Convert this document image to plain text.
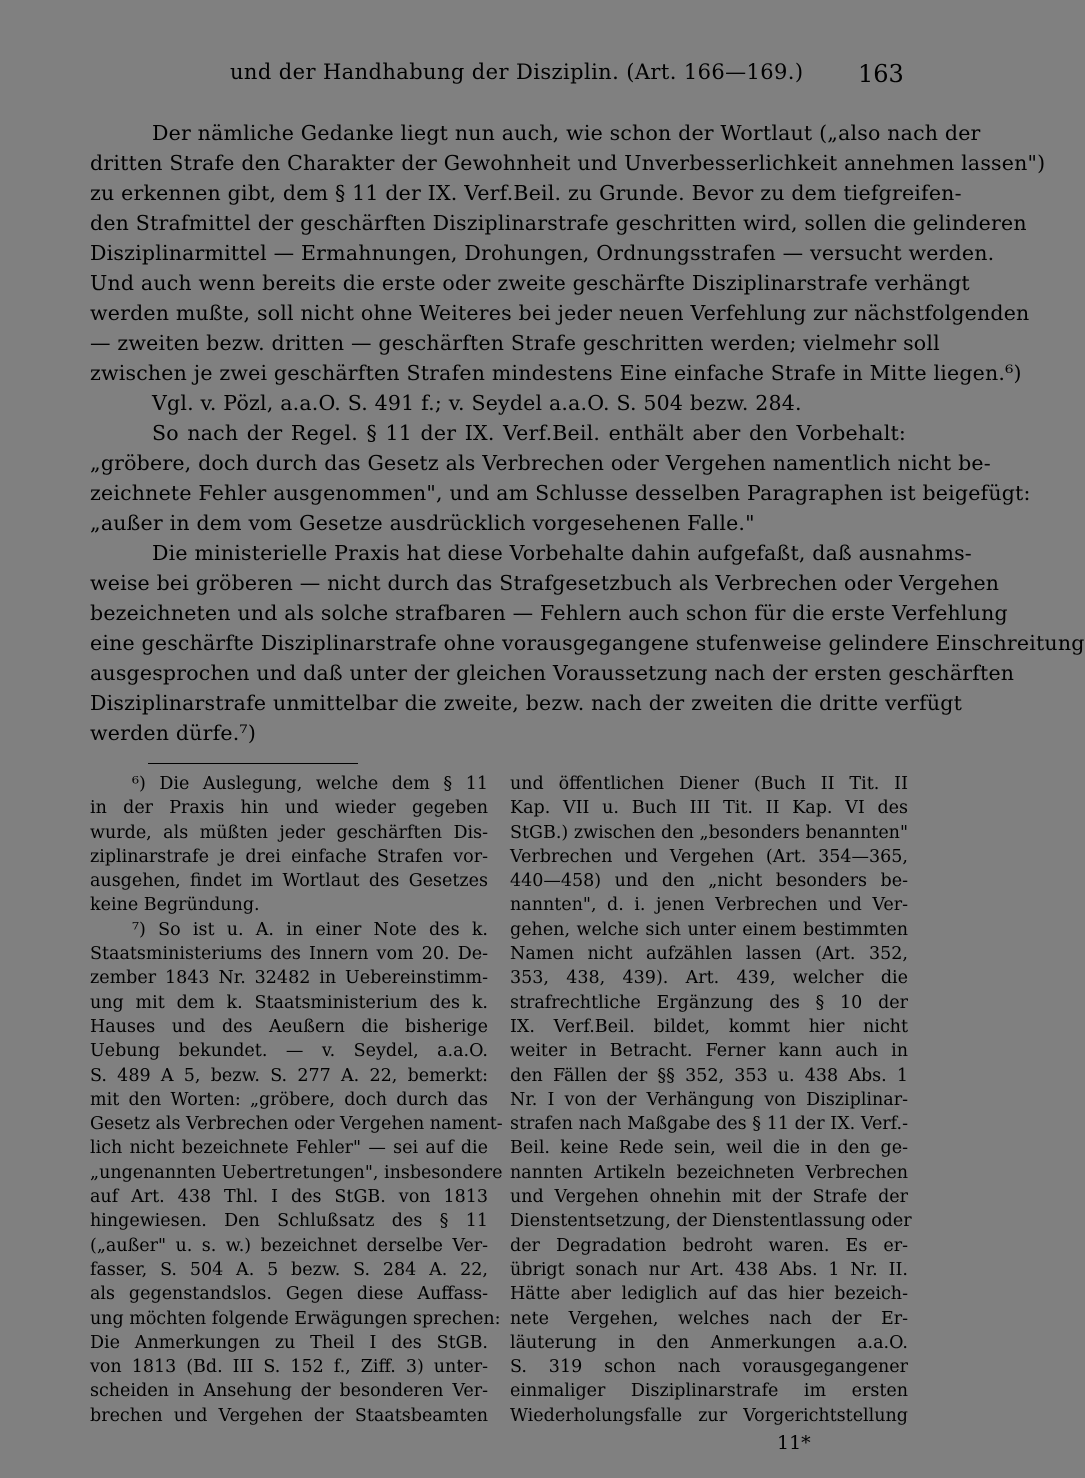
und der Handhabung der Disziplin. (Art. 166—169.) 163
Der nämliche Gedanke liegt nun auch, wie schon der Wortlaut („also nach der
dritten Strafe den Charakter der Gewohnheit und Unverbesserlichkeit annehmen lassen")
zu erkennen gibt, dem § 11 der IX. Verf.Beil. zu Grunde. Bevor zu dem tiefgreifen-
den Strafmittel der geschärften Disziplinarstrafe geschritten wird, sollen die gelinderen
Disziplinarmittel — Ermahnungen, Drohungen, Ordnungsstrafen — versucht werden.
Und auch wenn bereits die erste oder zweite geschärfte Disziplinarstrafe verhängt
werden mußte, soll nicht ohne Weiteres bei jeder neuen Verfehlung zur nächstfolgenden
— zweiten bezw. dritten — geschärften Strafe geschritten werden; vielmehr soll
zwischen je zwei geschärften Strafen mindestens Eine einfache Strafe in Mitte liegen.⁶)
Vgl. v. Pözl, a.a.O. S. 491 f.; v. Seydel a.a.O. S. 504 bezw. 284.
So nach der Regel. § 11 der IX. Verf.Beil. enthält aber den Vorbehalt:
„gröbere, doch durch das Gesetz als Verbrechen oder Vergehen namentlich nicht be-
zeichnete Fehler ausgenommen", und am Schlusse desselben Paragraphen ist beigefügt:
„außer in dem vom Gesetze ausdrücklich vorgesehenen Falle."
Die ministerielle Praxis hat diese Vorbehalte dahin aufgefaßt, daß ausnahms-
weise bei gröberen — nicht durch das Strafgesetzbuch als Verbrechen oder Vergehen
bezeichneten und als solche strafbaren — Fehlern auch schon für die erste Verfehlung
eine geschärfte Disziplinarstrafe ohne vorausgegangene stufenweise gelindere Einschreitung
ausgesprochen und daß unter der gleichen Voraussetzung nach der ersten geschärften
Disziplinarstrafe unmittelbar die zweite, bezw. nach der zweiten die dritte verfügt
werden dürfe.⁷)
⁶) Die Auslegung, welche dem § 11
in der Praxis hin und wieder gegeben
wurde, als müßten jeder geschärften Dis-
ziplinarstrafe je drei einfache Strafen vor-
ausgehen, findet im Wortlaut des Gesetzes
keine Begründung.
⁷) So ist u. A. in einer Note des k.
Staatsministeriums des Innern vom 20. De-
zember 1843 Nr. 32482 in Uebereinstimm-
ung mit dem k. Staatsministerium des k.
Hauses und des Aeußern die bisherige
Uebung bekundet. — v. Seydel, a.a.O.
S. 489 A 5, bezw. S. 277 A. 22, bemerkt:
mit den Worten: „gröbere, doch durch das
Gesetz als Verbrechen oder Vergehen nament-
lich nicht bezeichnete Fehler" — sei auf die
„ungenannten Uebertretungen", insbesondere
auf Art. 438 Thl. I des StGB. von 1813
hingewiesen. Den Schlußsatz des § 11
(„außer" u. s. w.) bezeichnet derselbe Ver-
fasser, S. 504 A. 5 bezw. S. 284 A. 22,
als gegenstandslos. Gegen diese Auffass-
ung möchten folgende Erwägungen sprechen:
Die Anmerkungen zu Theil I des StGB.
von 1813 (Bd. III S. 152 f., Ziff. 3) unter-
scheiden in Ansehung der besonderen Ver-
brechen und Vergehen der Staatsbeamten
und öffentlichen Diener (Buch II Tit. II
Kap. VII u. Buch III Tit. II Kap. VI des
StGB.) zwischen den „besonders benannten"
Verbrechen und Vergehen (Art. 354—365,
440—458) und den „nicht besonders be-
nannten", d. i. jenen Verbrechen und Ver-
gehen, welche sich unter einem bestimmten
Namen nicht aufzählen lassen (Art. 352,
353, 438, 439). Art. 439, welcher die
strafrechtliche Ergänzung des § 10 der
IX. Verf.Beil. bildet, kommt hier nicht
weiter in Betracht. Ferner kann auch in
den Fällen der §§ 352, 353 u. 438 Abs. 1
Nr. I von der Verhängung von Disziplinar-
strafen nach Maßgabe des § 11 der IX. Verf.-
Beil. keine Rede sein, weil die in den ge-
nannten Artikeln bezeichneten Verbrechen
und Vergehen ohnehin mit der Strafe der
Dienstentsetzung, der Dienstentlassung oder
der Degradation bedroht waren. Es er-
übrigt sonach nur Art. 438 Abs. 1 Nr. II.
Hätte aber lediglich auf das hier bezeich-
nete Vergehen, welches nach der Er-
läuterung in den Anmerkungen a.a.O.
S. 319 schon nach vorausgegangener
einmaliger Disziplinarstrafe im ersten
Wiederholungsfalle zur Vorgerichtstellung
11*
